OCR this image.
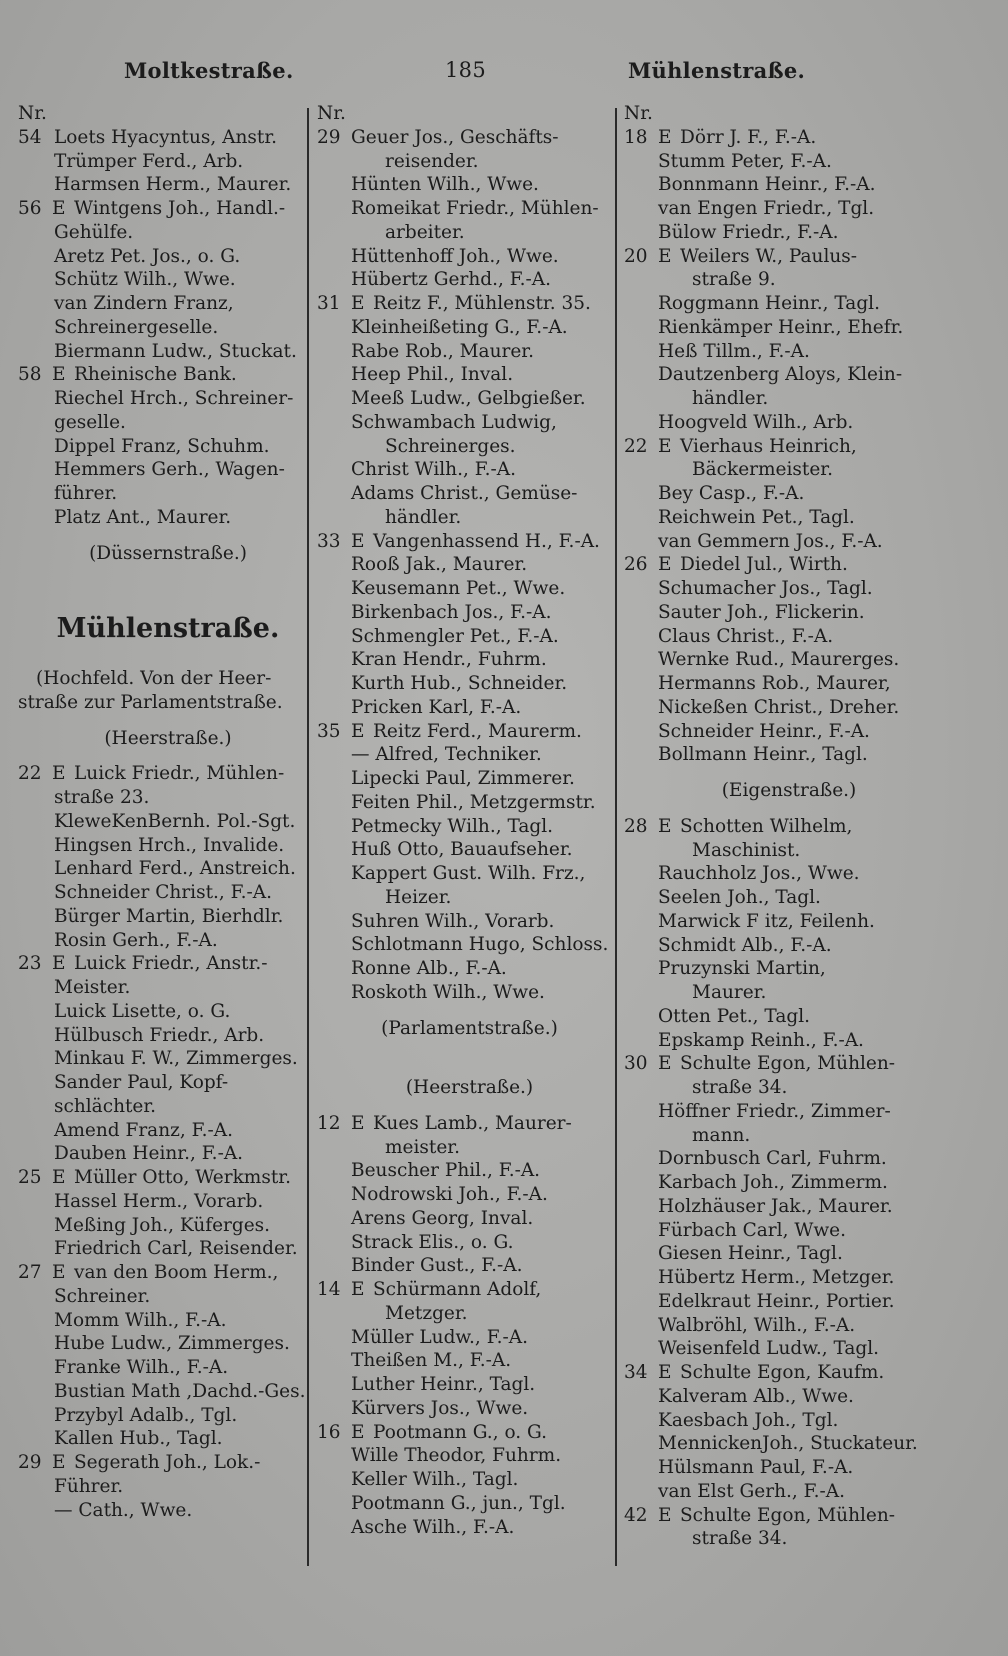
Moltkestraße.	185	Mühlenstraße.
Nr.
54 Loets Hyacyntus, Anstr.
Trümper Ferd., Arb.
Harmsen Herm., Maurer.
56 E Wintgens Joh., Handl.-
Gehülfe.
Aretz Pet. Jos., o. G.
Schütz Wilh., Wwe.
van Zindern Franz,
Schreinergeselle.
Biermann Ludw., Stuckat.
58 E Rheinische Bank.
Riechel Hrch., Schreiner-
geselle.
Dippel Franz, Schuhm.
Hemmers Gerh., Wagen-
führer.
Platz Ant., Maurer.
(Düssernstraße.)
Mühlenstraße.
(Hochfeld. Von der Heer-
straße zur Parlamentstraße.
(Heerstraße.)
22 E Luick Friedr., Mühlen-
straße 23.
KleweKenBernh. Pol.-Sgt.
Hingsen Hrch., Invalide.
Lenhard Ferd., Anstreich.
Schneider Christ., F.-A.
Bürger Martin, Bierhdlr.
Rosin Gerh., F.-A.
23 E Luick Friedr., Anstr.-
Meister.
Luick Lisette, o. G.
Hülbusch Friedr., Arb.
Minkau F. W., Zimmerges.
Sander Paul, Kopf-
schlächter.
Amend Franz, F.-A.
Dauben Heinr., F.-A.
25 E Müller Otto, Werkmstr.
Hassel Herm., Vorarb.
Meßing Joh., Küferges.
Friedrich Carl, Reisender.
27 E van den Boom Herm.,
Schreiner.
Momm Wilh., F.-A.
Hube Ludw., Zimmerges.
Franke Wilh., F.-A.
Bustian Math ,Dachd.-Ges.
Przybyl Adalb., Tgl.
Kallen Hub., Tagl.
29 E Segerath Joh., Lok.-
Führer.
— Cath., Wwe.
Nr.
29 Geuer Jos., Geschäfts-
reisender.
Hünten Wilh., Wwe.
Romeikat Friedr., Mühlen-
arbeiter.
Hüttenhoff Joh., Wwe.
Hübertz Gerhd., F.-A.
31 E Reitz F., Mühlenstr. 35.
Kleinheißeting G., F.-A.
Rabe Rob., Maurer.
Heep Phil., Inval.
Meeß Ludw., Gelbgießer.
Schwambach Ludwig,
Schreinerges.
Christ Wilh., F.-A.
Adams Christ., Gemüse-
händler.
33 E Vangenhassend H., F.-A.
Rooß Jak., Maurer.
Keusemann Pet., Wwe.
Birkenbach Jos., F.-A.
Schmengler Pet., F.-A.
Kran Hendr., Fuhrm.
Kurth Hub., Schneider.
Pricken Karl, F.-A.
35 E Reitz Ferd., Maurerm.
— Alfred, Techniker.
Lipecki Paul, Zimmerer.
Feiten Phil., Metzgermstr.
Petmecky Wilh., Tagl.
Huß Otto, Bauaufseher.
Kappert Gust. Wilh. Frz.,
Heizer.
Suhren Wilh., Vorarb.
Schlotmann Hugo, Schloss.
Ronne Alb., F.-A.
Roskoth Wilh., Wwe.
(Parlamentstraße.)
(Heerstraße.)
12 E Kues Lamb., Maurer-
meister.
Beuscher Phil., F.-A.
Nodrowski Joh., F.-A.
Arens Georg, Inval.
Strack Elis., o. G.
Binder Gust., F.-A.
14 E Schürmann Adolf,
Metzger.
Müller Ludw., F.-A.
Theißen M., F.-A.
Luther Heinr., Tagl.
Kürvers Jos., Wwe.
16 E Pootmann G., o. G.
Wille Theodor, Fuhrm.
Keller Wilh., Tagl.
Pootmann G., jun., Tgl.
Asche Wilh., F.-A.
Nr.
18 E Dörr J. F., F.-A.
Stumm Peter, F.-A.
Bonnmann Heinr., F.-A.
van Engen Friedr., Tgl.
Bülow Friedr., F.-A.
20 E Weilers W., Paulus-
straße 9.
Roggmann Heinr., Tagl.
Rienkämper Heinr., Ehefr.
Heß Tillm., F.-A.
Dautzenberg Aloys, Klein-
händler.
Hoogveld Wilh., Arb.
22 E Vierhaus Heinrich,
Bäckermeister.
Bey Casp., F.-A.
Reichwein Pet., Tagl.
van Gemmern Jos., F.-A.
26 E Diedel Jul., Wirth.
Schumacher Jos., Tagl.
Sauter Joh., Flickerin.
Claus Christ., F.-A.
Wernke Rud., Maurerges.
Hermanns Rob., Maurer,
Nickeßen Christ., Dreher.
Schneider Heinr., F.-A.
Bollmann Heinr., Tagl.
(Eigenstraße.)
28 E Schotten Wilhelm,
Maschinist.
Rauchholz Jos., Wwe.
Seelen Joh., Tagl.
Marwick F itz, Feilenh.
Schmidt Alb., F.-A.
Pruzynski Martin,
Maurer.
Otten Pet., Tagl.
Epskamp Reinh., F.-A.
30 E Schulte Egon, Mühlen-
straße 34.
Höffner Friedr., Zimmer-
mann.
Dornbusch Carl, Fuhrm.
Karbach Joh., Zimmerm.
Holzhäuser Jak., Maurer.
Fürbach Carl, Wwe.
Giesen Heinr., Tagl.
Hübertz Herm., Metzger.
Edelkraut Heinr., Portier.
Walbröhl, Wilh., F.-A.
Weisenfeld Ludw., Tagl.
34 E Schulte Egon, Kaufm.
Kalveram Alb., Wwe.
Kaesbach Joh., Tgl.
MennickenJoh., Stuckateur.
Hülsmann Paul, F.-A.
van Elst Gerh., F.-A.
42 E Schulte Egon, Mühlen-
straße 34.
